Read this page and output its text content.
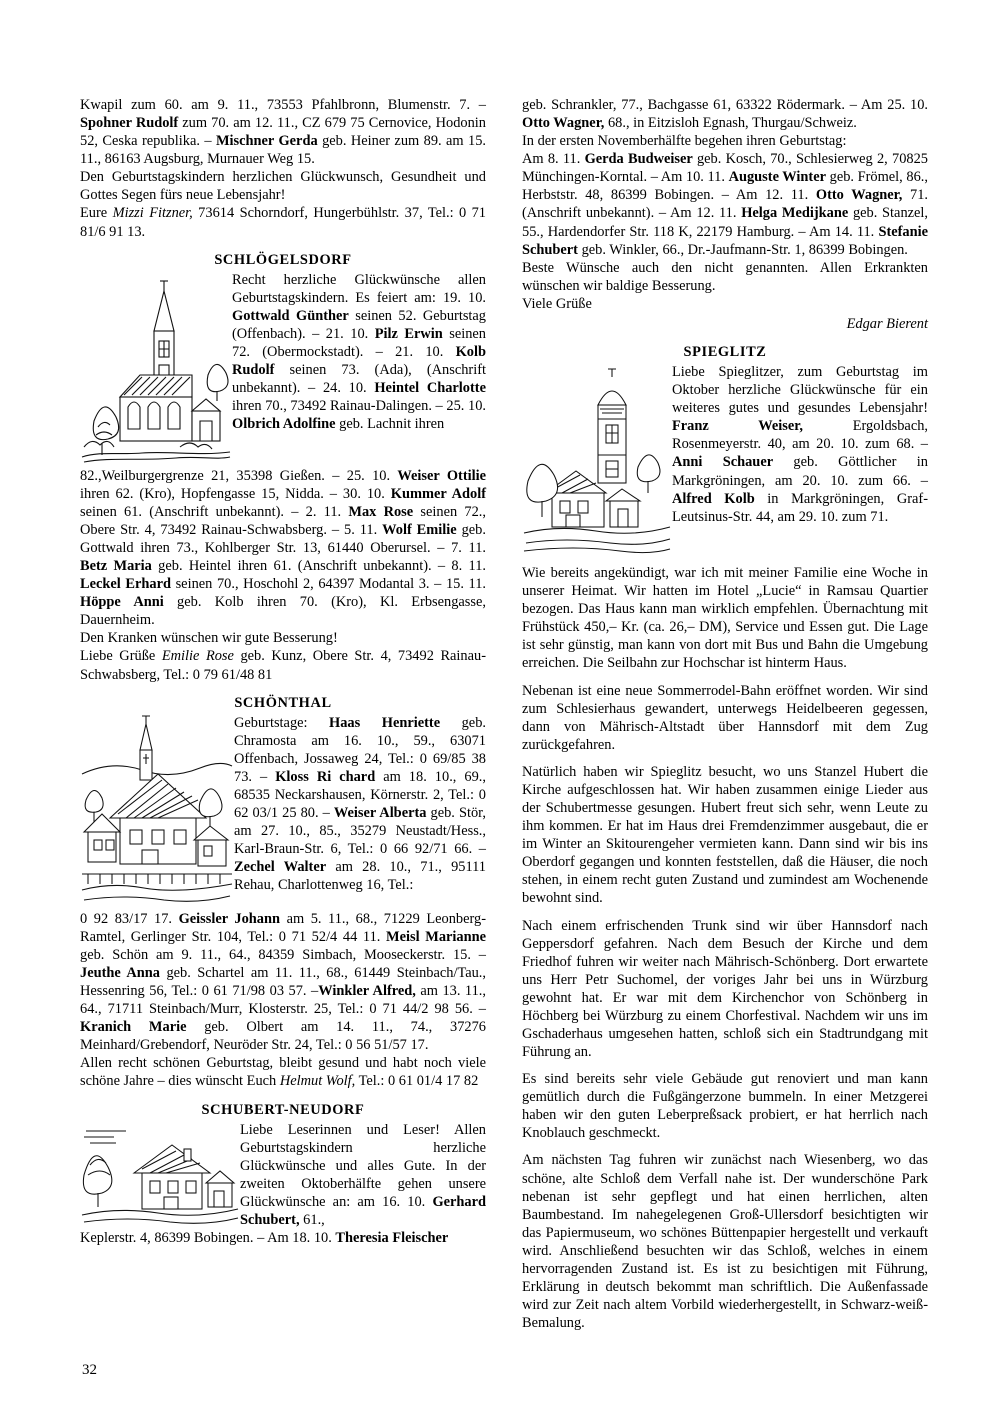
Kwapil zum 60. am 9. 11., 73553 Pfahlbronn, Blumenstr. 7. – Spohner Rudolf zum 70. am 12. 11., CZ 679 75 Cernovice, Hodonin 52, Ceska republika. – Mischner Gerda geb. Heiner zum 89. am 15. 11., 86163 Augsburg, Murnauer Weg 15.

Den Geburtstagskindern herzlichen Glückwunsch, Gesundheit und Gottes Segen fürs neue Lebensjahr!

Eure Mizzi Fitzner, 73614 Schorndorf, Hungerbühlstr. 37, Tel.: 0 71 81/6 91 13.

SCHLÖGELSDORF
Recht herzliche Glückwünsche allen Geburtstagskindern. Es feiert am: 19. 10. Gottwald Günther seinen 52. Geburtstag (Offenbach). – 21. 10. Pilz Erwin seinen 72. (Obermockstadt). – 21. 10. Kolb Rudolf seinen 73. (Ada), (Anschrift unbekannt). – 24. 10. Heintel Charlotte ihren 70., 73492 Rainau-Dalingen. – 25. 10. Olbrich Adolfine geb. Lachnit ihren
82.,Weilburgergrenze 21, 35398 Gießen. – 25. 10. Weiser Ottilie ihren 62. (Kro), Hopfengasse 15, Nidda. – 30. 10. Kummer Adolf seinen 61. (Anschrift unbekannt). – 2. 11. Max Rose seinen 72., Obere Str. 4, 73492 Rainau-Schwabsberg. – 5. 11. Wolf Emilie geb. Gottwald ihren 73., Kohlberger Str. 13, 61440 Oberursel. – 7. 11. Betz Maria geb. Heintel ihren 61. (Anschrift unbekannt). – 8. 11. Leckel Erhard seinen 70., Hoschohl 2, 64397 Modantal 3. – 15. 11. Höppe Anni geb. Kolb ihren 70. (Kro), Kl. Erbsengasse, Dauernheim.
Den Kranken wünschen wir gute Besserung!
Liebe Grüße Emilie Rose geb. Kunz, Obere Str. 4, 73492 Rainau-Schwabsberg, Tel.: 0 79 61/48 81
SCHÖNTHAL
Geburtstage: Haas Henriette geb. Chramosta am 16. 10., 59., 63071 Offenbach, Jossaweg 24, Tel.: 0 69/85 38 73. – Kloss Ri chard am 18. 10., 69., 68535 Neckarshausen, Körnerstr. 2, Tel.: 0 62 03/1 25 80. – Weiser Alberta geb. Stör, am 27. 10., 85., 35279 Neustadt/Hess., Karl-Braun-Str. 6, Tel.: 0 66 92/71 66. – Zechel Walter am 28. 10., 71., 95111 Rehau, Charlottenweg 16, Tel.:
0 92 83/17 17. Geissler Johann am 5. 11., 68., 71229 Leonberg-Ramtel, Gerlinger Str. 104, Tel.: 0 71 52/4 44 11. Meisl Marianne geb. Schön am 9. 11., 64., 84359 Simbach, Mooseckerstr. 15. – Jeuthe Anna geb. Schartel am 11. 11., 68., 61449 Steinbach/Tau., Hessenring 56, Tel.: 0 61 71/98 03 57. –Winkler Alfred, am 13. 11., 64., 71711 Steinbach/Murr, Klosterstr. 25, Tel.: 0 71 44/2 98 56. – Kranich Marie geb. Olbert am 14. 11., 74., 37276 Meinhard/Grebendorf, Neuröder Str. 24, Tel.: 0 56 51/57 17.
Allen recht schönen Geburtstag, bleibt gesund und habt noch viele schöne Jahre – dies wünscht Euch Helmut Wolf, Tel.: 0 61 01/4 17 82
SCHUBERT-NEUDORF
Liebe Leserinnen und Leser! Allen Geburtstagskindern herzliche Glückwünsche und alles Gute. In der zweiten Oktoberhälfte gehen unsere Glückwünsche an: am 16. 10. Gerhard Schubert, 61.,
Keplerstr. 4, 86399 Bobingen. – Am 18. 10. Theresia Fleischer

geb. Schrankler, 77., Bachgasse 61, 63322 Rödermark. – Am 25. 10. Otto Wagner, 68., in Eitzisloh Egnash, Thurgau/Schweiz.

In der ersten Novemberhälfte begehen ihren Geburtstag:

Am 8. 11. Gerda Budweiser geb. Kosch, 70., Schlesierweg 2, 70825 Münchingen-Korntal. – Am 10. 11. Auguste Winter geb. Frömel, 86., Herbststr. 48, 86399 Bobingen. – Am 12. 11. Otto Wagner, 71. (Anschrift unbekannt). – Am 12. 11. Helga Medijkane geb. Stanzel, 55., Hardendorfer Str. 118 K, 22179 Hamburg. – Am 14. 11. Stefanie Schubert geb. Winkler, 66., Dr.-Jaufmann-Str. 1, 86399 Bobingen.

Beste Wünsche auch den nicht genannten. Allen Erkrankten wünschen wir baldige Besserung.

Viele Grüße

Edgar Bierent
SPIEGLITZ
Liebe Spieglitzer, zum Geburtstag im Oktober herzliche Glückwünsche für ein weiteres gutes und gesundes Lebensjahr! Franz Weiser, Ergoldsbach, Rosenmeyerstr. 40, am 20. 10. zum 68. – Anni Schauer geb. Göttlicher in Markgröningen, am 20. 10. zum 66. – Alfred Kolb in Markgröningen, Graf-Leutsinus-Str. 44, am 29. 10. zum 71.

Wie bereits angekündigt, war ich mit meiner Familie eine Woche in unserer Heimat. Wir hatten im Hotel „Lucie“ in Ramsau Quartier bezogen. Das Haus kann man wirklich empfehlen. Übernachtung mit Frühstück 450,– Kr. (ca. 26,– DM), Service und Essen gut. Die Lage ist sehr günstig, man kann von dort mit Bus und Bahn die Umgebung erreichen. Die Seilbahn zur Hochschar ist hinterm Haus.

Nebenan ist eine neue Sommerrodel-Bahn eröffnet worden. Wir sind zum Schlesierhaus gewandert, unterwegs Heidelbeeren gegessen, dann von Mährisch-Altstadt über Hannsdorf mit dem Zug zurückgefahren.

Natürlich haben wir Spieglitz besucht, wo uns Stanzel Hubert die Kirche aufgeschlossen hat. Wir haben zusammen einige Lieder aus der Schubertmesse gesungen. Hubert freut sich sehr, wenn Leute zu ihm kommen. Er hat im Haus drei Fremdenzimmer ausgebaut, die er im Winter an Skitourengeher vermieten kann. Dann sind wir bis ins Oberdorf gegangen und konnten feststellen, daß die Häuser, die noch stehen, in einem recht guten Zustand und zumindest am Wochenende bewohnt sind.

Nach einem erfrischenden Trunk sind wir über Hannsdorf nach Geppersdorf gefahren. Nach dem Besuch der Kirche und dem Friedhof fuhren wir weiter nach Mährisch-Schönberg. Dort erwartete uns Herr Petr Suchomel, der voriges Jahr bei uns in Würzburg gewohnt hat. Er war mit dem Kirchenchor von Schönberg in Höchberg bei Würzburg zu einem Chorfestival. Nachdem wir uns im Gschaderhaus umgesehen hatten, schloß sich ein Stadtrundgang mit Führung an.

Es sind bereits sehr viele Gebäude gut renoviert und man kann gemütlich durch die Fußgängerzone bummeln. In einer Metzgerei haben wir den guten Leberpreßsack probiert, er hat herrlich nach Knoblauch geschmeckt.

Am nächsten Tag fuhren wir zunächst nach Wiesenberg, wo das schöne, alte Schloß dem Verfall nahe ist. Der wunderschöne Park nebenan ist sehr gepflegt und hat einen herrlichen, alten Baumbestand. Im nahegelegenen Groß-Ullersdorf besichtigten wir das Papiermuseum, wo schönes Büttenpapier hergestellt und verkauft wird. Anschließend besuchten wir das Schloß, welches in einem hervorragenden Zustand ist. Es ist zu besichtigen mit Führung, Erklärung in deutsch bekommt man schriftlich. Die Außenfassade wird zur Zeit nach altem Vorbild wiederhergestellt, in Schwarz-weiß-Bemalung.

32
